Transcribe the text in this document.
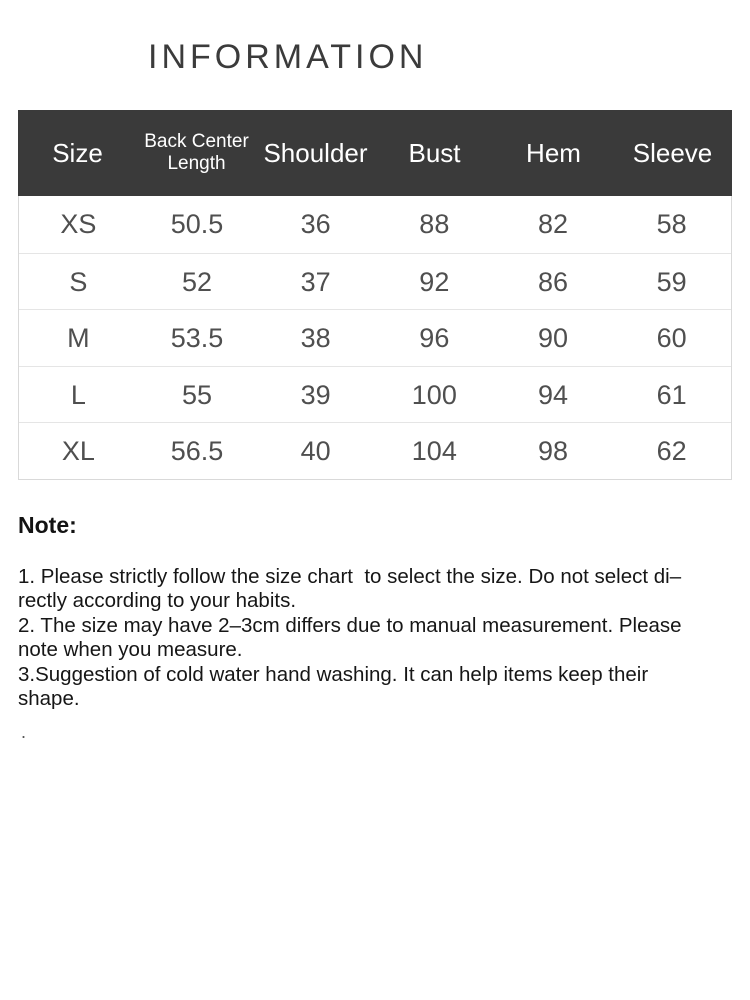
INFORMATION
Size	Back Center Length	Shoulder	Bust	Hem	Sleeve
XS	50.5	36	88	82	58
S	52	37	92	86	59
M	53.5	38	96	90	60
L	55	39	100	94	61
XL	56.5	40	104	98	62
Note:
1. Please strictly follow the size chart  to select the size. Do not select di–
rectly according to your habits.
2. The size may have 2–3cm differs due to manual measurement. Please
note when you measure.
3.Suggestion of cold water hand washing. It can help items keep their
shape.
.
